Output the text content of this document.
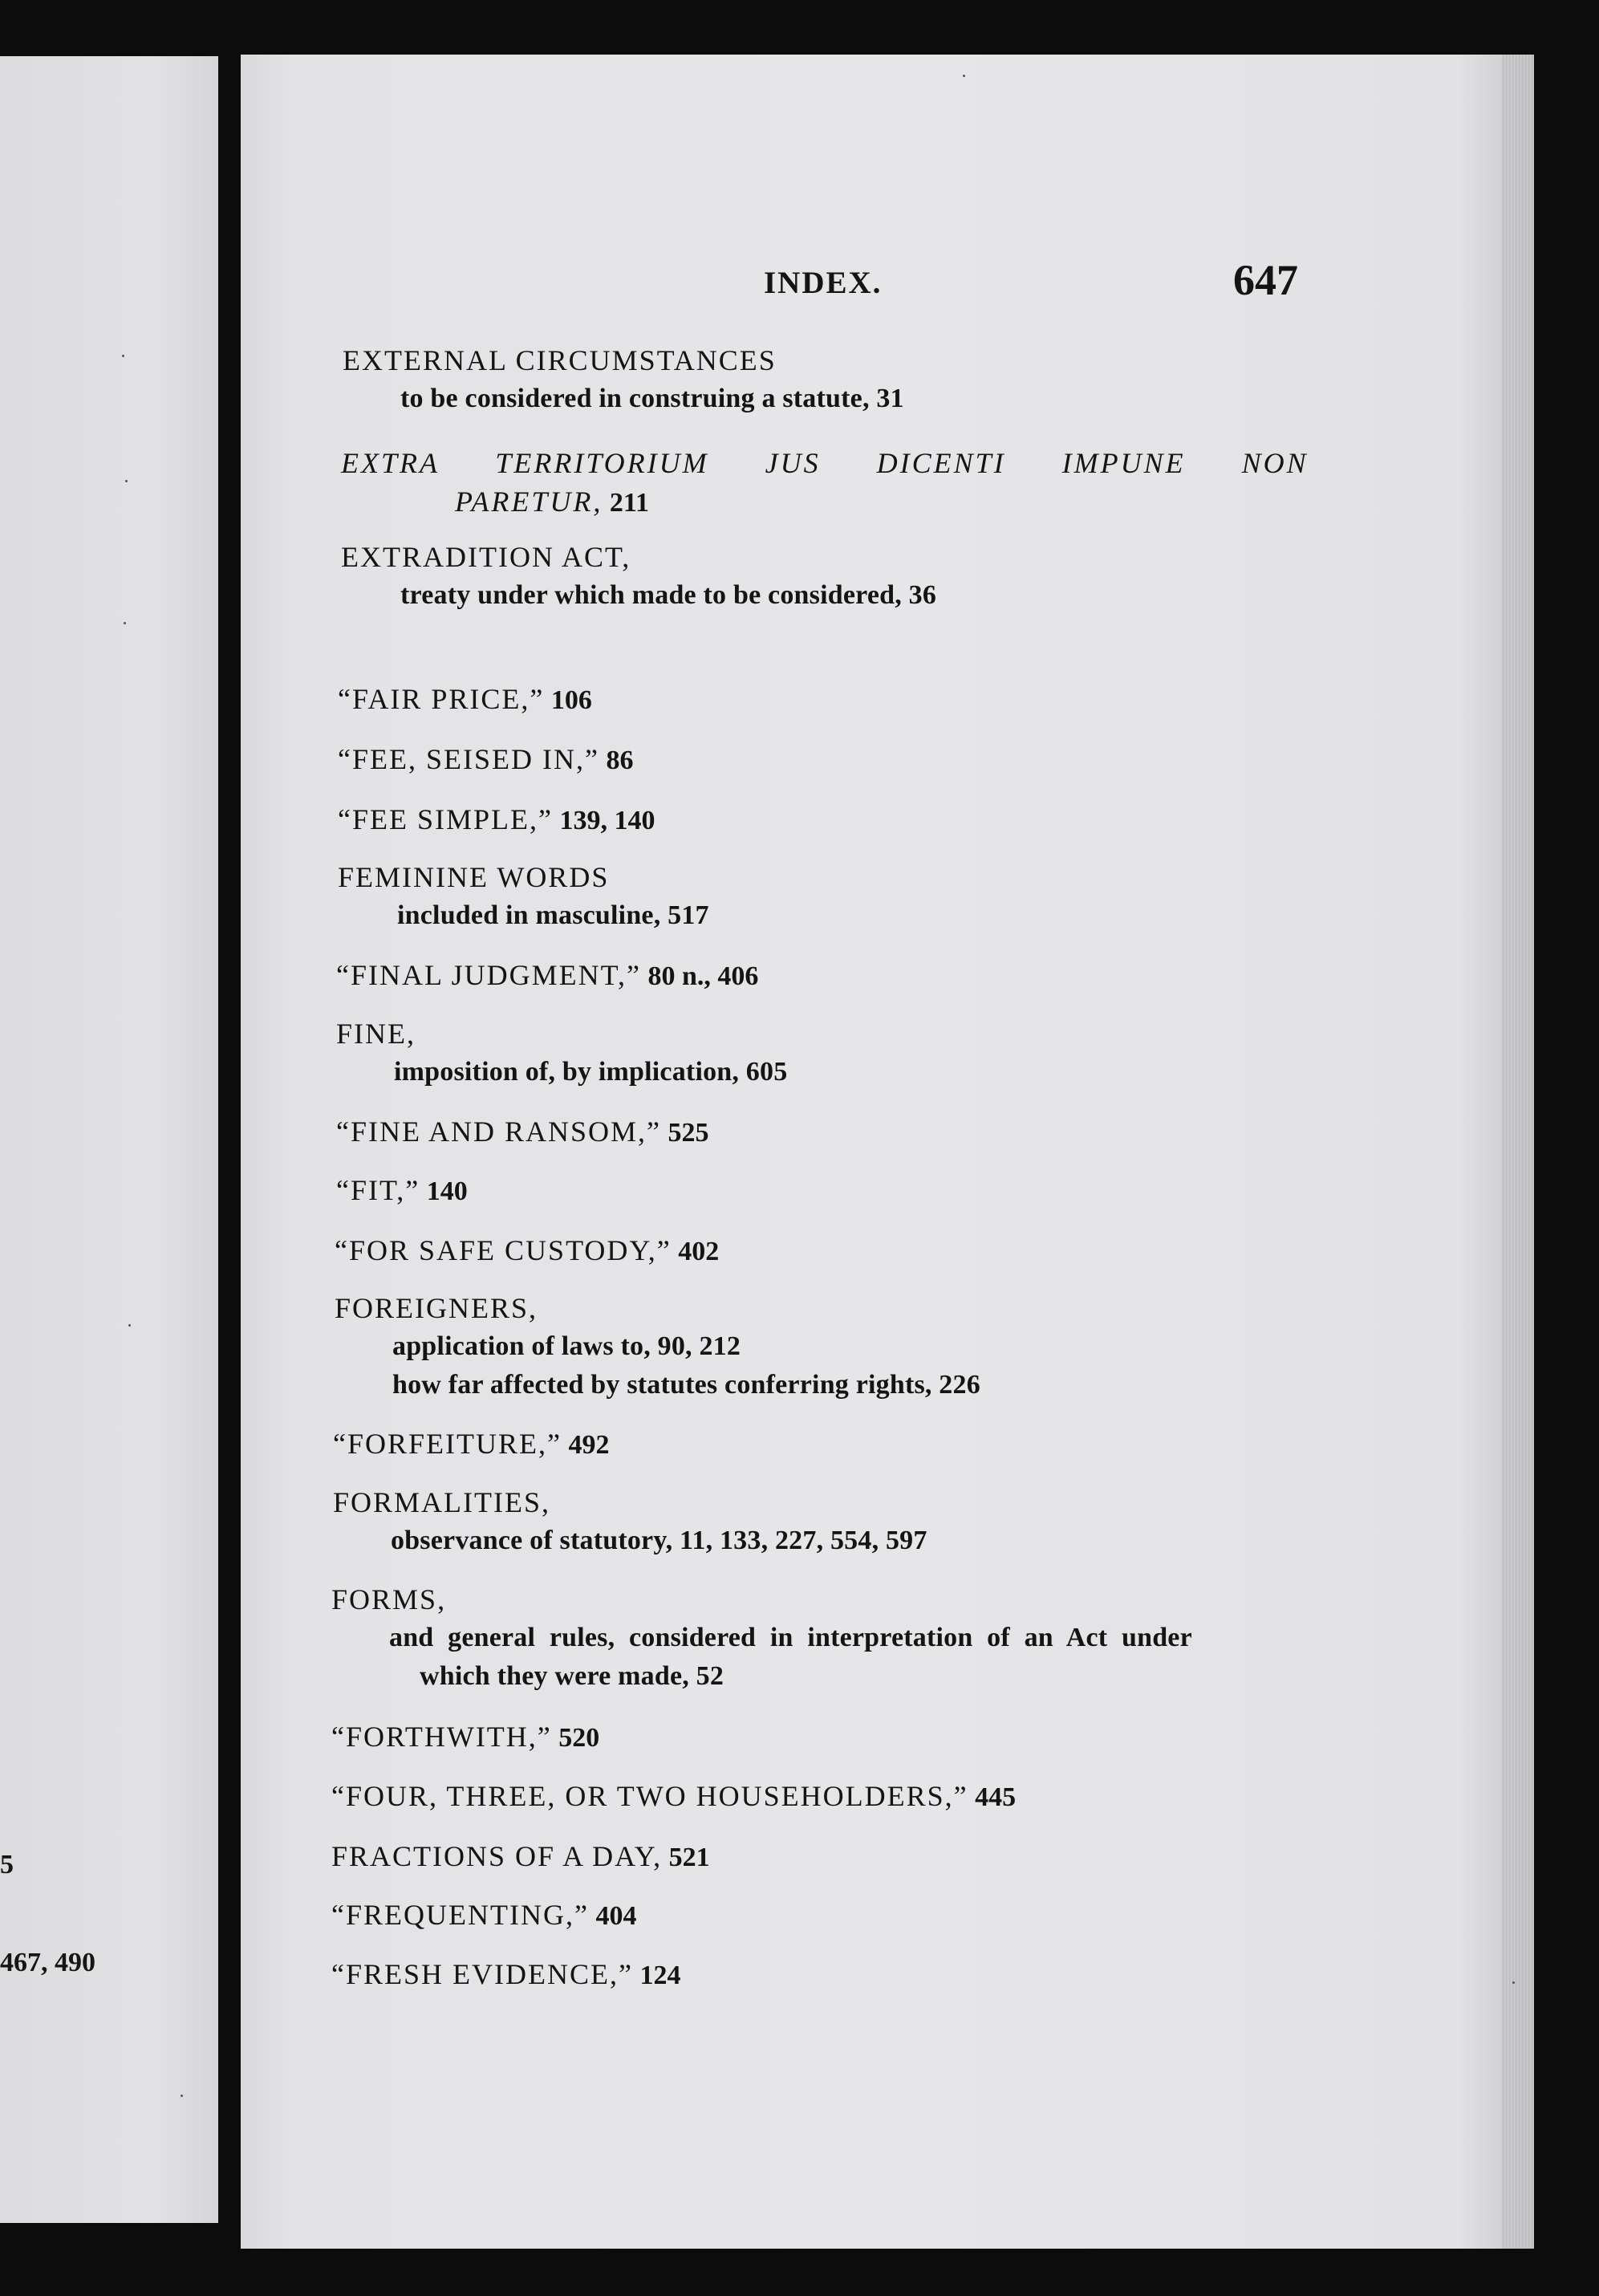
5
467, 490
INDEX.	647
EXTERNAL CIRCUMSTANCES
to be considered in construing a statute, 31
EXTRA TERRITORIUM JUS DICENTI IMPUNE NON
PARETUR, 211
EXTRADITION ACT,
treaty under which made to be considered, 36
“FAIR PRICE,” 106
“FEE, SEISED IN,” 86
“FEE SIMPLE,” 139, 140
FEMININE WORDS
included in masculine, 517
“FINAL JUDGMENT,” 80 n., 406
FINE,
imposition of, by implication, 605
“FINE AND RANSOM,” 525
“FIT,” 140
“FOR SAFE CUSTODY,” 402
FOREIGNERS,
application of laws to, 90, 212
how far affected by statutes conferring rights, 226
“FORFEITURE,” 492
FORMALITIES,
observance of statutory, 11, 133, 227, 554, 597
FORMS,
and general rules, considered in interpretation of an Act under
which they were made, 52
“FORTHWITH,” 520
“FOUR, THREE, OR TWO HOUSEHOLDERS,” 445
FRACTIONS OF A DAY, 521
“FREQUENTING,” 404
“FRESH EVIDENCE,” 124
